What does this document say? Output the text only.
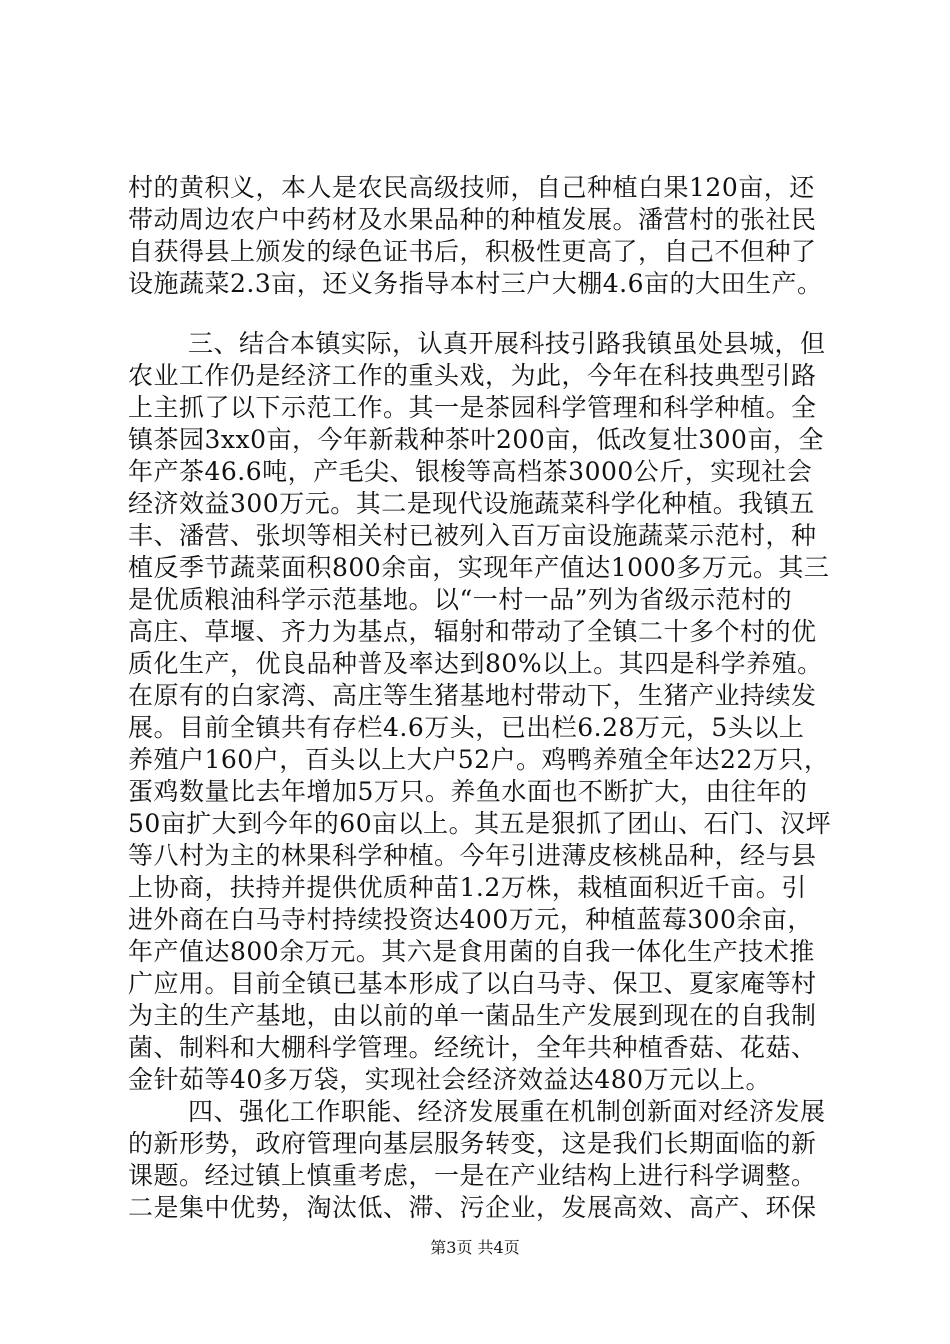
村的黄积义，本人是农民高级技师，自己种植白果120亩，还
带动周边农户中药材及水果品种的种植发展。潘营村的张社民
自获得县上颁发的绿色证书后，积极性更高了，自己不但种了
设施蔬菜2.3亩，还义务指导本村三户大棚4.6亩的大田生产。
三、结合本镇实际，认真开展科技引路我镇虽处县城，但
农业工作仍是经济工作的重头戏，为此，今年在科技典型引路
上主抓了以下示范工作。其一是茶园科学管理和科学种植。全
镇茶园3xx0亩，今年新栽种茶叶200亩，低改复壮300亩，全
年产茶46.6吨，产毛尖、银梭等高档茶3000公斤，实现社会
经济效益300万元。其二是现代设施蔬菜科学化种植。我镇五
丰、潘营、张坝等相关村已被列入百万亩设施蔬菜示范村，种
植反季节蔬菜面积800余亩，实现年产值达1000多万元。其三
是优质粮油科学示范基地。以“一村一品”列为省级示范村的
高庄、草堰、齐力为基点，辐射和带动了全镇二十多个村的优
质化生产，优良品种普及率达到80%以上。其四是科学养殖。
在原有的白家湾、高庄等生猪基地村带动下，生猪产业持续发
展。目前全镇共有存栏4.6万头，已出栏6.28万元，5头以上
养殖户160户，百头以上大户52户。鸡鸭养殖全年达22万只，
蛋鸡数量比去年增加5万只。养鱼水面也不断扩大，由往年的
50亩扩大到今年的60亩以上。其五是狠抓了团山、石门、汉坪
等八村为主的林果科学种植。今年引进薄皮核桃品种，经与县
上协商，扶持并提供优质种苗1.2万株，栽植面积近千亩。引
进外商在白马寺村持续投资达400万元，种植蓝莓300余亩，
年产值达800余万元。其六是食用菌的自我一体化生产技术推
广应用。目前全镇已基本形成了以白马寺、保卫、夏家庵等村
为主的生产基地，由以前的单一菌品生产发展到现在的自我制
菌、制料和大棚科学管理。经统计，全年共种植香菇、花菇、
金针茹等40多万袋，实现社会经济效益达480万元以上。
四、强化工作职能、经济发展重在机制创新面对经济发展
的新形势，政府管理向基层服务转变，这是我们长期面临的新
课题。经过镇上慎重考虑，一是在产业结构上进行科学调整。
二是集中优势，淘汰低、滞、污企业，发展高效、高产、环保
第3页 共4页
